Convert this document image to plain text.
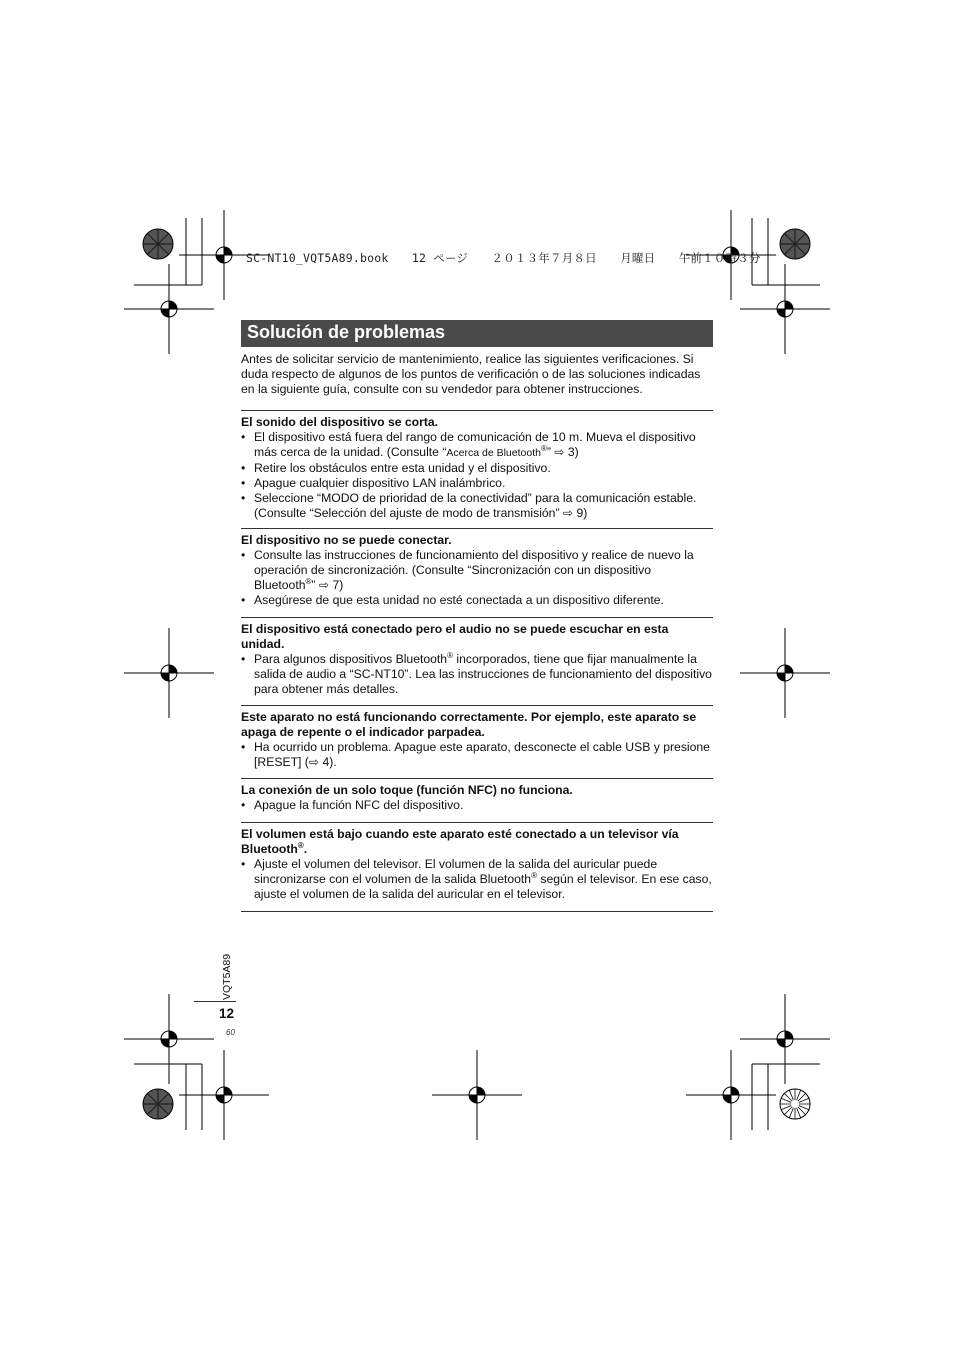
SC-NT10_VQT5A89.book　　12 ページ　　２０１３年７月８日　　月曜日　　午前１０時３分
Solución de problemas
Antes de solicitar servicio de mantenimiento, realice las siguientes verificaciones. Si duda respecto de algunos de los puntos de verificación o de las soluciones indicadas en la siguiente guía, consulte con su vendedor para obtener instrucciones.
El sonido del dispositivo se corta.
• El dispositivo está fuera del rango de comunicación de 10 m. Mueva el dispositivo más cerca de la unidad. (Consulte “Acerca de Bluetooth®” ⇨ 3)
• Retire los obstáculos entre esta unidad y el dispositivo.
• Apague cualquier dispositivo LAN inalámbrico.
• Seleccione “MODO de prioridad de la conectividad” para la comunicación estable. (Consulte “Selección del ajuste de modo de transmisión” ⇨ 9)
El dispositivo no se puede conectar.
• Consulte las instrucciones de funcionamiento del dispositivo y realice de nuevo la operación de sincronización. (Consulte “Sincronización con un dispositivo Bluetooth®” ⇨ 7)
• Asegúrese de que esta unidad no esté conectada a un dispositivo diferente.
El dispositivo está conectado pero el audio no se puede escuchar en esta unidad.
• Para algunos dispositivos Bluetooth® incorporados, tiene que fijar manualmente la salida de audio a “SC-NT10”. Lea las instrucciones de funcionamiento del dispositivo para obtener más detalles.
Este aparato no está funcionando correctamente. Por ejemplo, este aparato se apaga de repente o el indicador parpadea.
• Ha ocurrido un problema. Apague este aparato, desconecte el cable USB y presione [RESET] (⇨ 4).
La conexión de un solo toque (función NFC) no funciona.
• Apague la función NFC del dispositivo.
El volumen está bajo cuando este aparato esté conectado a un televisor vía Bluetooth®.
• Ajuste el volumen del televisor. El volumen de la salida del auricular puede sincronizarse con el volumen de la salida Bluetooth® según el televisor. En ese caso, ajuste el volumen de la salida del auricular en el televisor.
VQT5A89
12
60
